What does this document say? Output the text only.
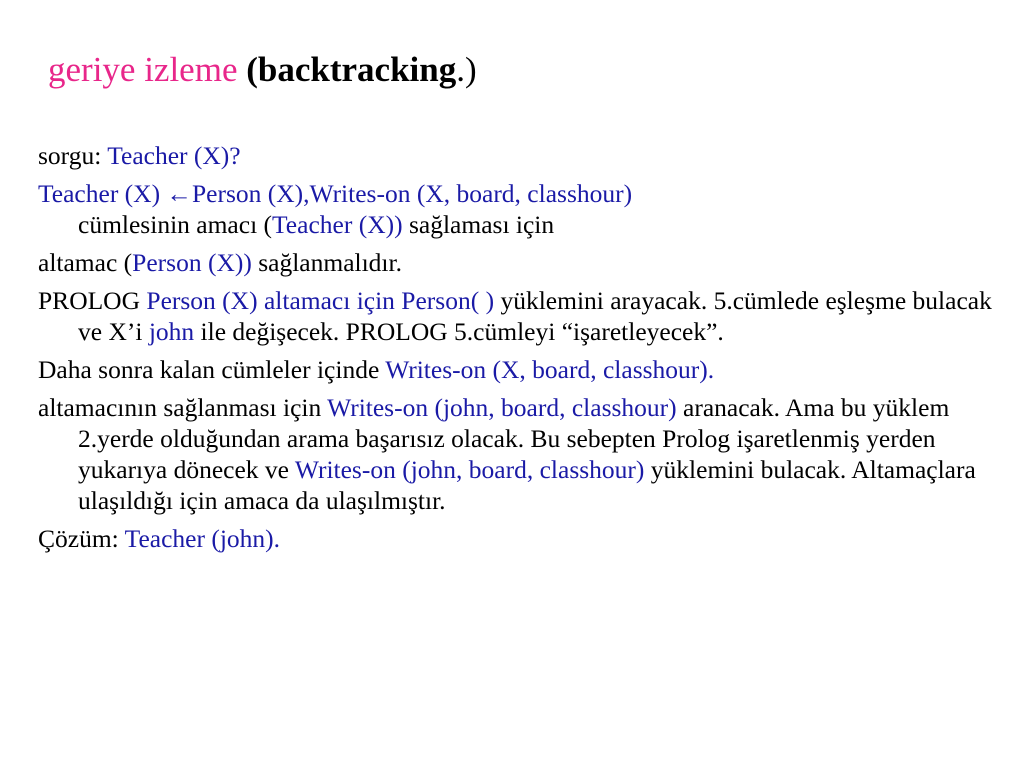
geriye izleme (backtracking.)

sorgu: Teacher (X)?

Teacher (X) ←Person (X),Writes-on (X, board, classhour)
cümlesinin amacı (Teacher (X)) sağlaması için

altamac (Person (X)) sağlanmalıdır.

PROLOG Person (X) altamacı için Person( ) yüklemini arayacak. 5.cümlede eşleşme bulacak ve X’i john ile değişecek. PROLOG 5.cümleyi “işaretleyecek”.

Daha sonra kalan cümleler içinde Writes-on (X, board, classhour).

altamacının sağlanması için Writes-on (john, board, classhour) aranacak. Ama bu yüklem 2.yerde olduğundan arama başarısız olacak. Bu sebepten Prolog işaretlenmiş yerden yukarıya dönecek ve Writes-on (john, board, classhour) yüklemini bulacak. Altamaçlara ulaşıldığı için amaca da ulaşılmıştır.

Çözüm: Teacher (john).
